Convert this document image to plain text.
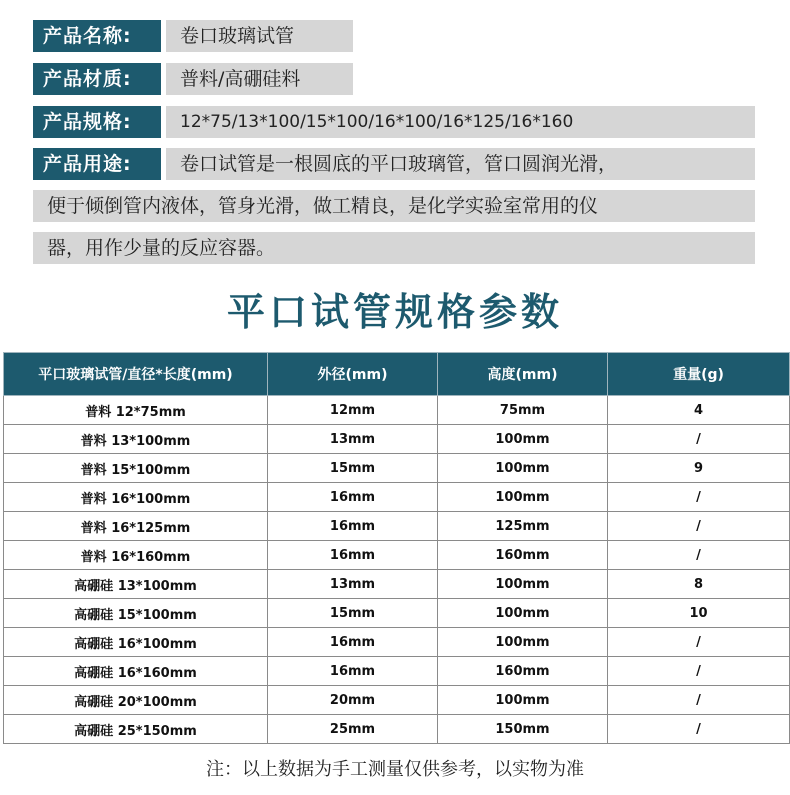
产品名称:	卷口玻璃试管
产品材质:	普料/高硼硅料
产品规格:	12*75/13*100/15*100/16*100/16*125/16*160
产品用途:	卷口试管是一根圆底的平口玻璃管，管口圆润光滑，
便于倾倒管内液体，管身光滑，做工精良，是化学实验室常用的仪
器，用作少量的反应容器。
平口试管规格参数
平口玻璃试管/直径*长度(mm)	外径(mm)	高度(mm)	重量(g)
普料 12*75mm	12mm	75mm	4
普料 13*100mm	13mm	100mm	/
普料 15*100mm	15mm	100mm	9
普料 16*100mm	16mm	100mm	/
普料 16*125mm	16mm	125mm	/
普料 16*160mm	16mm	160mm	/
高硼硅 13*100mm	13mm	100mm	8
高硼硅 15*100mm	15mm	100mm	10
高硼硅 16*100mm	16mm	100mm	/
高硼硅 16*160mm	16mm	160mm	/
高硼硅 20*100mm	20mm	100mm	/
高硼硅 25*150mm	25mm	150mm	/
注：以上数据为手工测量仅供参考，以实物为准
